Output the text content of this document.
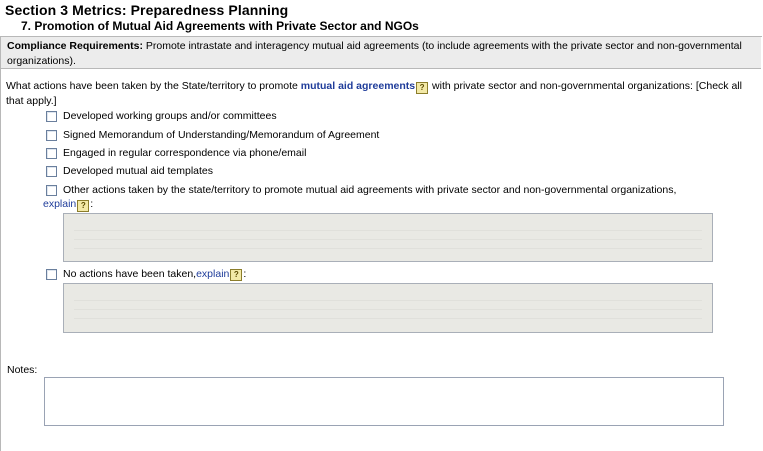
Section 3 Metrics: Preparedness Planning
7. Promotion of Mutual Aid Agreements with Private Sector and NGOs
Compliance Requirements: Promote intrastate and interagency mutual aid agreements (to include agreements with the private sector and non-governmental organizations).
What actions have been taken by the State/territory to promote mutual aid agreements ? with private sector and non-governmental organizations: [Check all that apply.]
Developed working groups and/or committees
Signed Memorandum of Understanding/Memorandum of Agreement
Engaged in regular correspondence via phone/email
Developed mutual aid templates
Other actions taken by the state/territory to promote mutual aid agreements with private sector and non-governmental organizations,
explain ? :
No actions have been taken, explain ? :
Notes:
